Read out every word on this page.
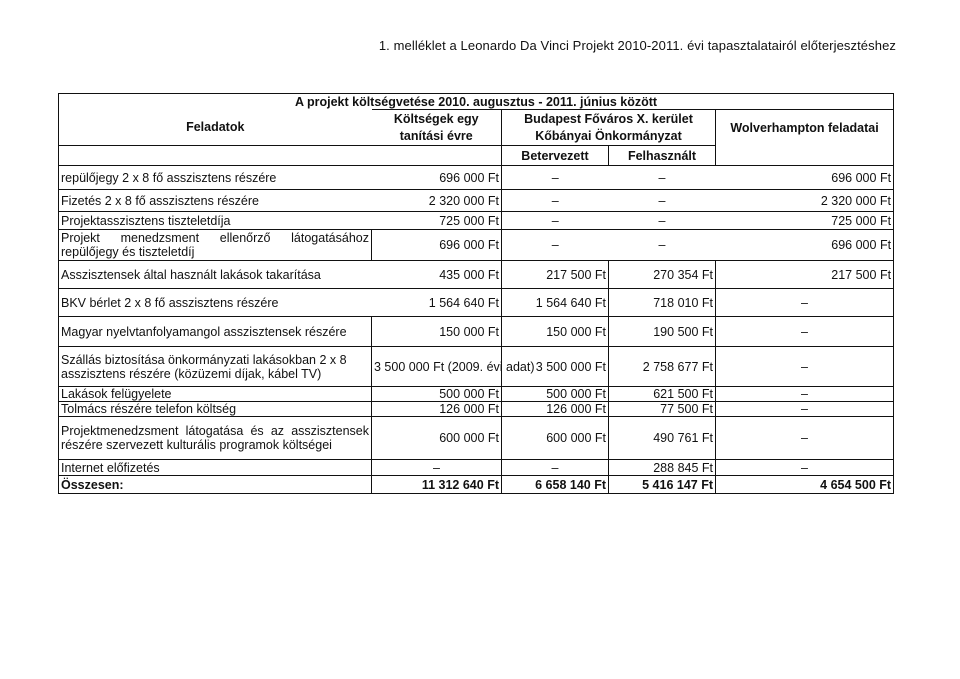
1. melléklet a Leonardo Da Vinci Projekt 2010-2011. évi tapasztalatairól előterjesztéshez
A projekt költségvetése 2010. augusztus - 2011. június között				
Feladatok	Költségek egy	Budapest Főváros X. kerület		Wolverhampton feladatai
	tanítási évre	Kőbányai Önkormányzat		
		Betervezett	Felhasznált	
repülőjegy 2 x 8 fő asszisztens részére	696 000 Ft	–	–	696 000 Ft
Fizetés 2 x 8 fő asszisztens részére	2 320 000 Ft	–	–	2 320 000 Ft
Projektasszisztens tiszteletdíja	725 000 Ft	–	–	725 000 Ft
Projekt menedzsment ellenőrző látogatásához repülőjegy és tiszteletdíj	696 000 Ft	–	–	696 000 Ft
Asszisztensek által használt lakások takarítása	435 000 Ft	217 500 Ft	270 354 Ft	217 500 Ft
BKV bérlet 2 x 8 fő asszisztens részére	1 564 640 Ft	1 564 640 Ft	718 010 Ft	–
Magyar nyelvtanfolyamangol asszisztensek részére	150 000 Ft	150 000 Ft	190 500 Ft	–
Szállás biztosítása önkormányzati lakásokban 2 x 8 asszisztens részére (közüzemi díjak, kábel TV)	3 500 000 Ft (2009. évi adat)	3 500 000 Ft	2 758 677 Ft	–
Lakások felügyelete	500 000 Ft	500 000 Ft	621 500 Ft	–
Tolmács részére telefon költség	126 000 Ft	126 000 Ft	77 500 Ft	–
Projektmenedzsment látogatása és az asszisztensek részére szervezett kulturális programok költségei	600 000 Ft	600 000 Ft	490 761 Ft	–
Internet előfizetés	–	–	288 845 Ft	–
Összesen:	11 312 640 Ft	6 658 140 Ft	5 416 147 Ft	4 654 500 Ft
